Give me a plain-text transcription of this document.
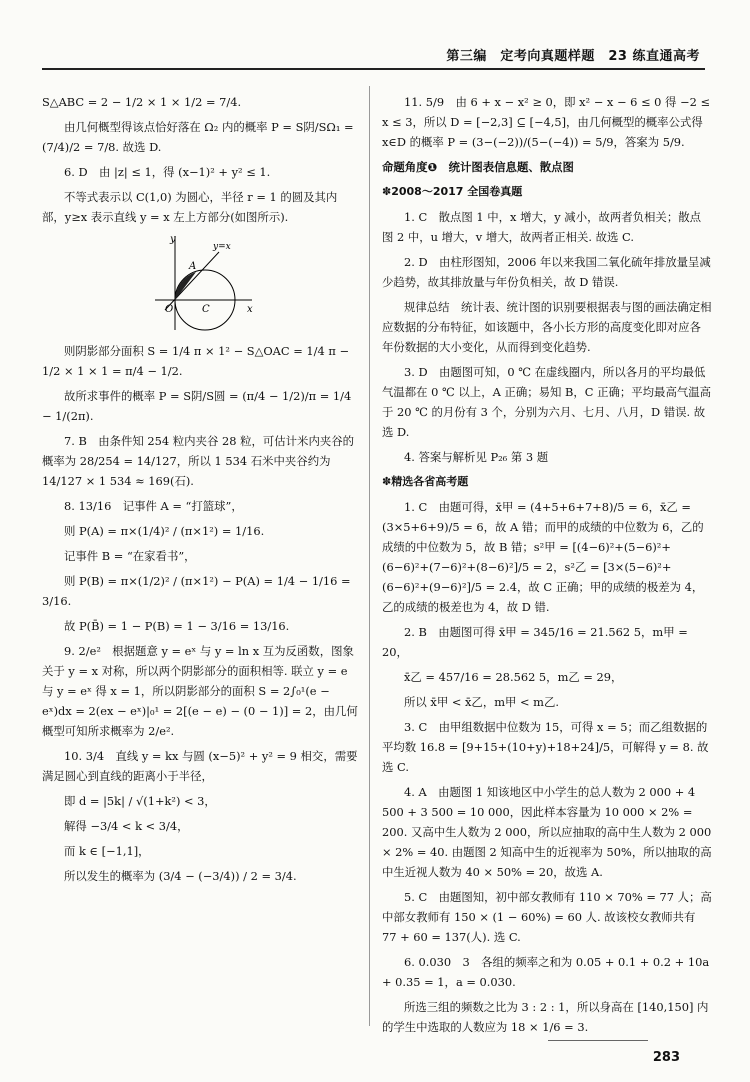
第三编　定考向真题样题　23 练直通高考

S△ABC = 2 − 1/2 × 1 × 1/2 = 7/4.

由几何概型得该点恰好落在 Ω₂ 内的概率 P = S阴/SΩ₁ = (7/4)/2 = 7/8. 故选 D.

6. D　由 |z| ≤ 1，得 (x−1)² + y² ≤ 1.

不等式表示以 C(1,0) 为圆心，半径 r = 1 的圆及其内部，y≥x 表示直线 y = x 左上方部分(如图所示).

y
x
O
A
C
y=x

则阴影部分面积 S = 1/4 π × 1² − S△OAC = 1/4 π − 1/2 × 1 × 1 = π/4 − 1/2.

故所求事件的概率 P = S阴/S圆 = (π/4 − 1/2)/π = 1/4 − 1/(2π).

7. B　由条件知 254 粒内夹谷 28 粒，可估计米内夹谷的概率为 28/254 = 14/127，所以 1 534 石米中夹谷约为 14/127 × 1 534 ≈ 169(石).

8. 13/16　记事件 A = “打篮球”，

则 P(A) = π×(1/4)² / (π×1²) = 1/16.

记事件 B = “在家看书”，

则 P(B) = π×(1/2)² / (π×1²) − P(A) = 1/4 − 1/16 = 3/16.

故 P(B̄) = 1 − P(B) = 1 − 3/16 = 13/16.

9. 2/e²　根据题意 y = eˣ 与 y = ln x 互为反函数，图象关于 y = x 对称，所以两个阴影部分的面积相等. 联立 y = e 与 y = eˣ 得 x = 1，所以阴影部分的面积 S = 2∫₀¹(e − eˣ)dx = 2(ex − eˣ)|₀¹ = 2[(e − e) − (0 − 1)] = 2，由几何概型可知所求概率为 2/e².

10. 3/4　直线 y = kx 与圆 (x−5)² + y² = 9 相交，需要满足圆心到直线的距离小于半径，

即 d = |5k| / √(1+k²) < 3，

解得 −3/4 < k < 3/4，

而 k ∈ [−1,1]，

所以发生的概率为 (3/4 − (−3/4)) / 2 = 3/4.

11. 5/9　由 6 + x − x² ≥ 0，即 x² − x − 6 ≤ 0 得 −2 ≤ x ≤ 3，所以 D = [−2,3] ⊆ [−4,5]，由几何概型的概率公式得 x∈D 的概率 P = (3−(−2))/(5−(−4)) = 5/9，答案为 5/9.

命题角度❶　统计图表信息题、散点图

✽2008～2017 全国卷真题

1. C　散点图 1 中，x 增大，y 减小，故两者负相关；散点图 2 中，u 增大，v 增大，故两者正相关. 故选 C.

2. D　由柱形图知，2006 年以来我国二氧化硫年排放量呈减少趋势，故其排放量与年份负相关，故 D 错误.

规律总结　统计表、统计图的识别要根据表与图的画法确定相应数据的分布特征，如该题中，各小长方形的高度变化即对应各年份数据的大小变化，从而得到变化趋势.

3. D　由题图可知，0 ℃ 在虚线圈内，所以各月的平均最低气温都在 0 ℃ 以上，A 正确；易知 B，C 正确；平均最高气温高于 20 ℃ 的月份有 3 个，分别为六月、七月、八月，D 错误. 故选 D.

4. 答案与解析见 P₂₆ 第 3 题

✽精选各省高考题

1. C　由题可得，x̄甲 = (4+5+6+7+8)/5 = 6，x̄乙 = (3×5+6+9)/5 = 6，故 A 错；而甲的成绩的中位数为 6，乙的成绩的中位数为 5，故 B 错；s²甲 = [(4−6)²+(5−6)²+(6−6)²+(7−6)²+(8−6)²]/5 = 2，s²乙 = [3×(5−6)²+(6−6)²+(9−6)²]/5 = 2.4，故 C 正确；甲的成绩的极差为 4，乙的成绩的极差也为 4，故 D 错.

2. B　由题图可得 x̄甲 = 345/16 = 21.562 5，m甲 = 20，

x̄乙 = 457/16 = 28.562 5，m乙 = 29，

所以 x̄甲 < x̄乙，m甲 < m乙.

3. C　由甲组数据中位数为 15，可得 x = 5；而乙组数据的平均数 16.8 = [9+15+(10+y)+18+24]/5，可解得 y = 8. 故选 C.

4. A　由题图 1 知该地区中小学生的总人数为 2 000 + 4 500 + 3 500 = 10 000，因此样本容量为 10 000 × 2% = 200. 又高中生人数为 2 000，所以应抽取的高中生人数为 2 000 × 2% = 40. 由题图 2 知高中生的近视率为 50%，所以抽取的高中生近视人数为 40 × 50% = 20，故选 A.

5. C　由题图知，初中部女教师有 110 × 70% = 77 人；高中部女教师有 150 × (1 − 60%) = 60 人. 故该校女教师共有 77 + 60 = 137(人). 选 C.

6. 0.030　3　各组的频率之和为 0.05 + 0.1 + 0.2 + 10a + 0.35 = 1，a = 0.030.

所选三组的频数之比为 3 : 2 : 1，所以身高在 [140,150] 内的学生中选取的人数应为 18 × 1/6 = 3.

283
